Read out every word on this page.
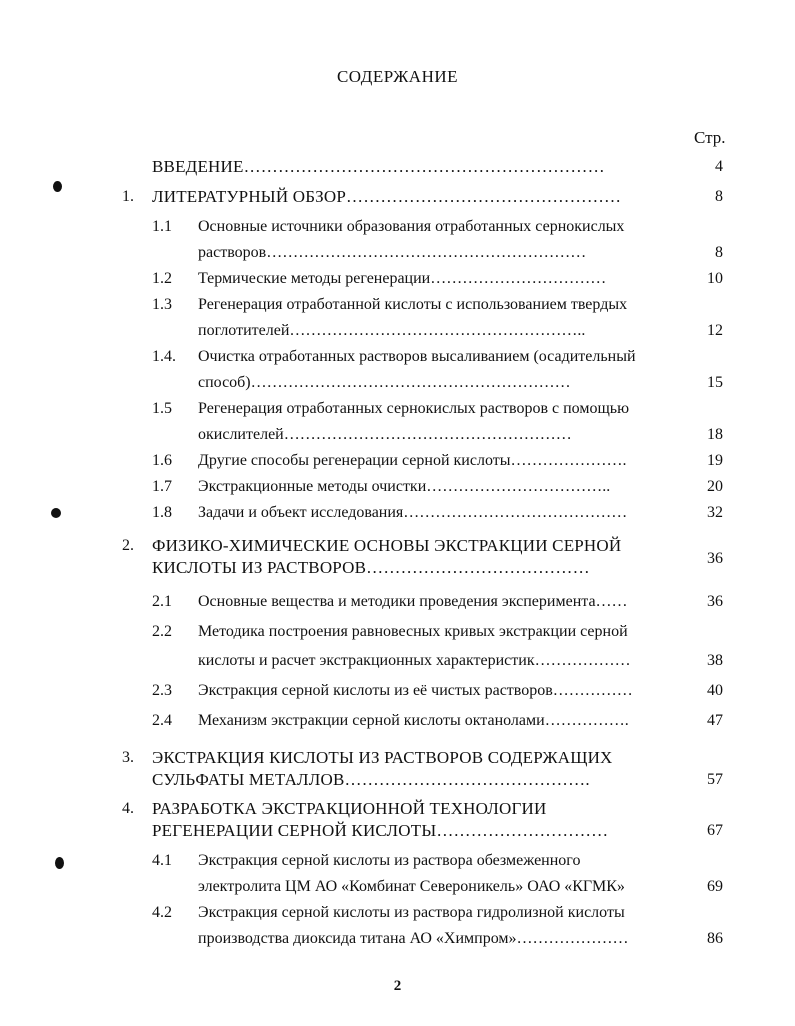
СОДЕРЖАНИЕ
Стр.
ВВЕДЕНИЕ………………………………………………………	4
1. ЛИТЕРАТУРНЫЙ ОБЗОР…………………………………………	8
1.1 Основные источники образования отработанных сернокислых
растворов……………………………………………………	8
1.2 Термические методы регенерации……………………………	10
1.3 Регенерация отработанной кислоты с использованием твердых
поглотителей………………………………………………..	12
1.4. Очистка отработанных растворов высаливанием (осадительный
способ)……………………………………………………	15
1.5 Регенерация отработанных сернокислых растворов с помощью
окислителей………………………………………………	18
1.6 Другие способы регенерации серной кислоты………………….	19
1.7 Экстракционные методы очистки……………………………..	20
1.8 Задачи и объект исследования……………………………………	32
2. ФИЗИКО-ХИМИЧЕСКИЕ ОСНОВЫ ЭКСТРАКЦИИ СЕРНОЙ
КИСЛОТЫ ИЗ РАСТВОРОВ…………………………………	36
2.1 Основные вещества и методики проведения эксперимента……	36
2.2 Методика построения равновесных кривых экстракции серной
кислоты и расчет экстракционных характеристик………………	38
2.3 Экстракция серной кислоты из её чистых растворов……………	40
2.4 Механизм экстракции серной кислоты октанолами…………….	47
3. ЭКСТРАКЦИЯ КИСЛОТЫ ИЗ РАСТВОРОВ СОДЕРЖАЩИХ
СУЛЬФАТЫ МЕТАЛЛОВ…………………………………….	57
4. РАЗРАБОТКА ЭКСТРАКЦИОННОЙ ТЕХНОЛОГИИ
РЕГЕНЕРАЦИИ СЕРНОЙ КИСЛОТЫ…………………………	67
4.1 Экстракция серной кислоты из раствора обезмеженного
электролита ЦМ АО «Комбинат Североникель» ОАО «КГМК»	69
4.2 Экстракция серной кислоты из раствора гидролизной кислоты
производства диоксида титана АО «Химпром»…………………	86
2
